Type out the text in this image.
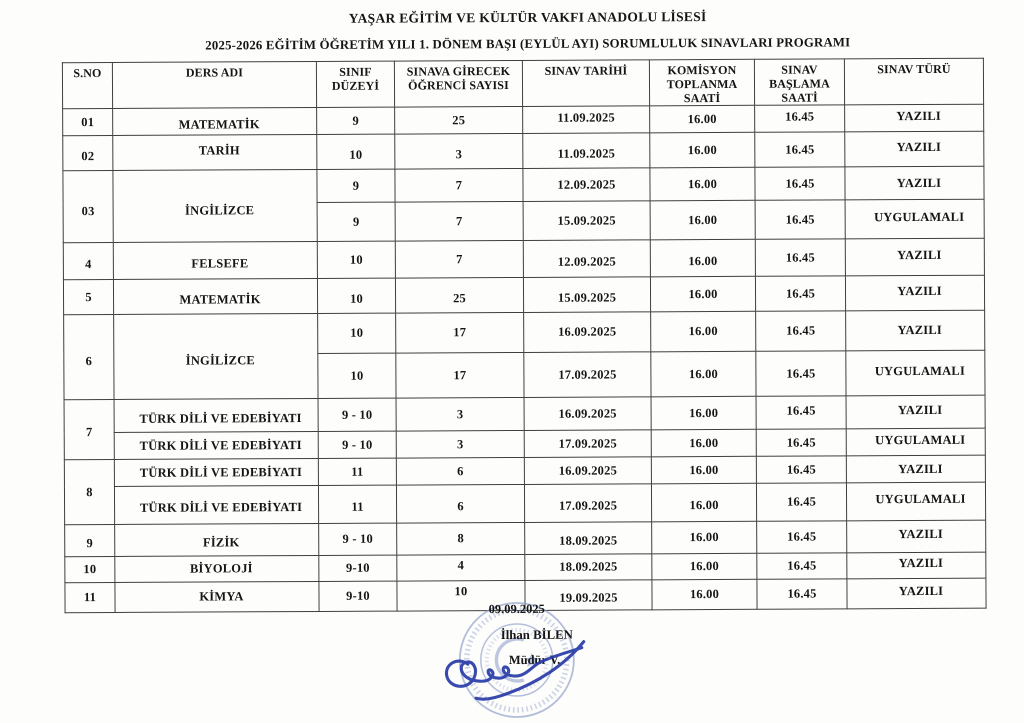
YAŞAR EĞİTİM VE KÜLTÜR VAKFI ANADOLU LİSESİ
2025-2026 EĞİTİM ÖĞRETİM YILI 1. DÖNEM BAŞI (EYLÜL AYI) SORUMLULUK SINAVLARI PROGRAMI
S.NO	DERS ADI	SINIF DÜZEYİ	SINAVA GİRECEK ÖĞRENCİ SAYISI	SINAV TARİHİ	KOMİSYON TOPLANMA SAATİ	SINAV BAŞLAMA SAATİ	SINAV TÜRÜ
01	MATEMATİK	9	25	11.09.2025	16.00	16.45	YAZILI
02	TARİH	10	3	11.09.2025	16.00	16.45	YAZILI
03	İNGİLİZCE	9	7	12.09.2025	16.00	16.45	YAZILI
		9	7	15.09.2025	16.00	16.45	UYGULAMALI
4	FELSEFE	10	7	12.09.2025	16.00	16.45	YAZILI
5	MATEMATİK	10	25	15.09.2025	16.00	16.45	YAZILI
6	İNGİLİZCE	10	17	16.09.2025	16.00	16.45	YAZILI
		10	17	17.09.2025	16.00	16.45	UYGULAMALI
7	TÜRK DİLİ VE EDEBİYATI	9 - 10	3	16.09.2025	16.00	16.45	YAZILI
	TÜRK DİLİ VE EDEBİYATI	9 - 10	3	17.09.2025	16.00	16.45	UYGULAMALI
8	TÜRK DİLİ VE EDEBİYATI	11	6	16.09.2025	16.00	16.45	YAZILI
	TÜRK DİLİ VE EDEBİYATI	11	6	17.09.2025	16.00	16.45	UYGULAMALI
9	FİZİK	9 - 10	8	18.09.2025	16.00	16.45	YAZILI
10	BİYOLOJİ	9-10	4	18.09.2025	16.00	16.45	YAZILI
11	KİMYA	9-10	10	19.09.2025	16.00	16.45	YAZILI
09.09.2025
İlhan BİLEN
Müdür V.
